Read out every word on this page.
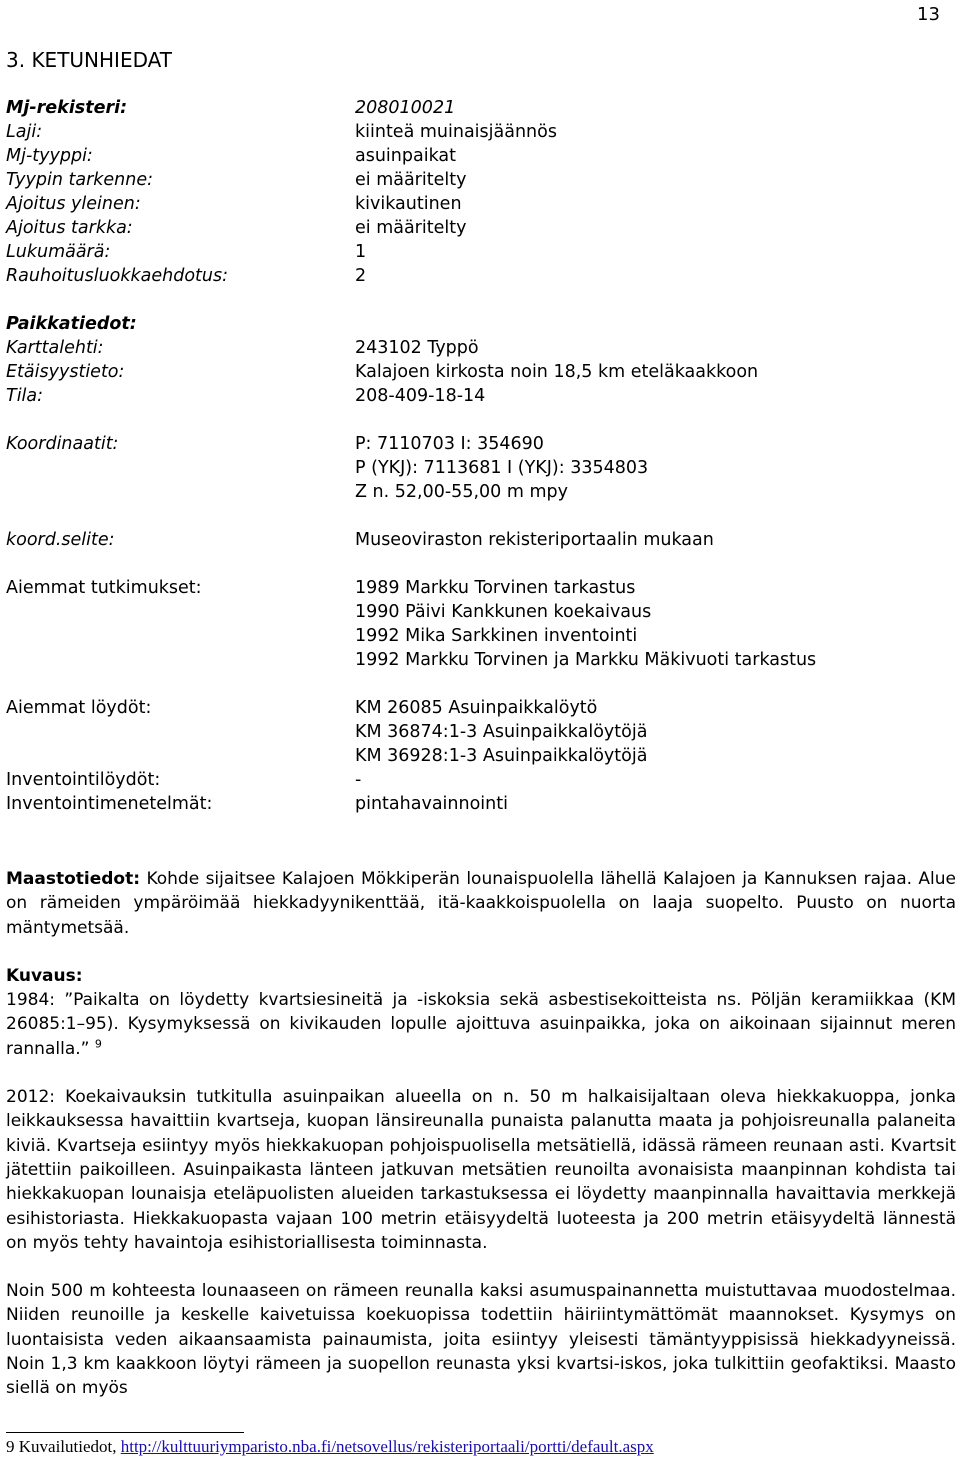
13
3. KETUNHIEDAT
Mj-rekisteri:	208010021
Laji:	kiinteä muinaisjäännös
Mj-tyyppi:	asuinpaikat
Tyypin tarkenne:	ei määritelty
Ajoitus yleinen:	kivikautinen
Ajoitus tarkka:	ei määritelty
Lukumäärä:	1
Rauhoitusluokkaehdotus:	2
Paikkatiedot:
Karttalehti:	243102 Typpö
Etäisyystieto:	Kalajoen kirkosta noin 18,5 km eteläkaakkoon
Tila:	208-409-18-14
Koordinaatit:	P: 7110703 I: 354690
P (YKJ): 7113681 I (YKJ): 3354803
Z n. 52,00-55,00 m mpy
koord.selite:	Museoviraston rekisteriportaalin mukaan
Aiemmat tutkimukset:	1989 Markku Torvinen tarkastus
1990 Päivi Kankkunen koekaivaus
1992 Mika Sarkkinen inventointi
1992 Markku Torvinen ja Markku Mäkivuoti tarkastus
Aiemmat löydöt:	KM 26085 Asuinpaikkalöytö
KM 36874:1-3 Asuinpaikkalöytöjä
KM 36928:1-3 Asuinpaikkalöytöjä
Inventointilöydöt:	-
Inventointimenetelmät:	pintahavainnointi

Maastotiedot: Kohde sijaitsee Kalajoen Mökkiperän lounaispuolella lähellä Kalajoen ja Kannuksen rajaa. Alue on rämeiden ympäröimää hiekkadyynikenttää, itä-kaakkoispuolella on laaja suopelto. Puusto on nuorta mäntymetsää.

Kuvaus:

1984: ”Paikalta on löydetty kvartsiesineitä ja -iskoksia sekä asbestisekoitteista ns. Pöljän keramiikkaa (KM 26085:1–95). Kysymyksessä on kivikauden lopulle ajoittuva asuinpaikka, joka on aikoinaan sijainnut meren rannalla.” $^9$

2012: Koekaivauksin tutkitulla asuinpaikan alueella on n. 50 m halkaisijaltaan oleva hiekkakuoppa, jonka leikkauksessa havaittiin kvartseja, kuopan länsireunalla punaista palanutta maata ja pohjoisreunalla palaneita kiviä. Kvartseja esiintyy myös hiekkakuopan pohjoispuolisella metsätiellä, idässä rämeen reunaan asti. Kvartsit jätettiin paikoilleen. Asuinpaikasta länteen jatkuvan metsätien reunoilta avonaisista maanpinnan kohdista tai hiekkakuopan lounaisja eteläpuolisten alueiden tarkastuksessa ei löydetty maanpinnalla havaittavia merkkejä esihistoriasta. Hiekkakuopasta vajaan 100 metrin etäisyydeltä luoteesta ja 200 metrin etäisyydeltä lännestä on myös tehty havaintoja esihistoriallisesta toiminnasta.

Noin 500 m kohteesta lounaaseen on rämeen reunalla kaksi asumuspainannetta muistuttavaa muodostelmaa. Niiden reunoille ja keskelle kaivetuissa koekuopissa todettiin häiriintymättömät maannokset. Kysymys on luontaisista veden aikaansaamista painaumista, joita esiintyy yleisesti tämäntyyppisissä hiekkadyyneissä. Noin 1,3 km kaakkoon löytyi rämeen ja suopellon reunasta yksi kvartsi-iskos, joka tulkittiin geofaktiksi. Maasto siellä on myös

9 Kuvailutiedot, http://kulttuuriymparisto.nba.fi/netsovellus/rekisteriportaali/portti/default.aspx
